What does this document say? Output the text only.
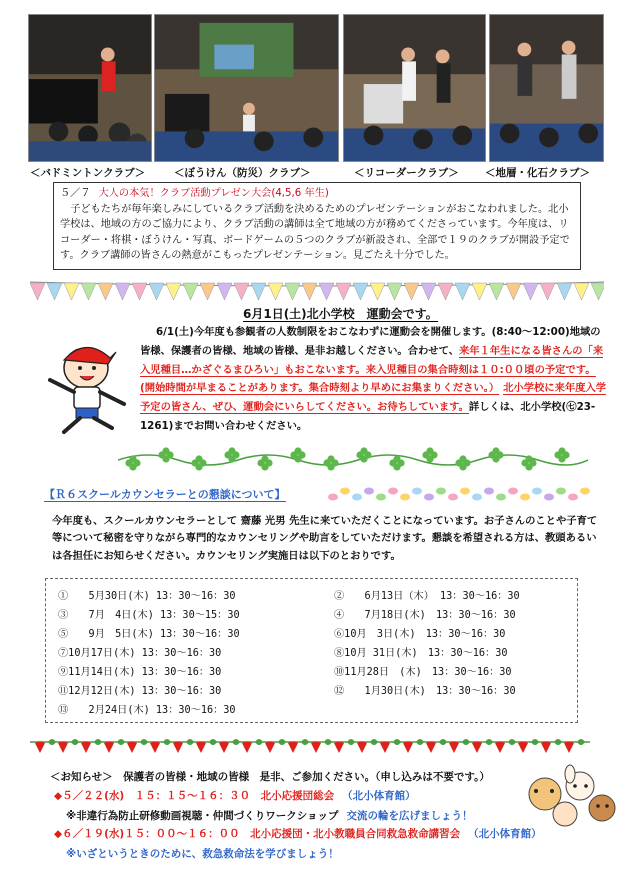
＜バドミントンクラブ＞	＜ぼうけん（防災）クラブ＞	＜リコーダークラブ＞ ＜地層・化石クラブ＞
５／７ 大人の本気！クラブ活動プレゼン大会(4,5,6 年生)
子どもたちが毎年楽しみにしているクラブ活動を決めるためのプレゼンテーションがおこなわれました。北小学校は、地域の方のご協力により、クラブ活動の講師は全て地域の方が務めてくださっています。今年度は、リコーダー・将棋・ぼうけん・写真、ボードゲームの５つのクラブが新設され、全部で１９のクラブが開設予定です。クラブ講師の皆さんの熱意がこもったプレゼンテーション。見ごたえ十分でした。
6月1日(土)北小学校　運動会です。
6/1(土)今年度も参観者の人数制限をおこなわずに運動会を開催します。(8:40～12:00)地域の皆様、保護者の皆様、地域の皆様、是非お越しください。合わせて、来年１年生になる皆さんの「来入児種目…かざぐるまひろい」もおこないます。来入児種目の集合時刻は１０:００頃の予定です。(開始時間が早まることがあります。集合時刻より早めにお集まりください。） 北小学校に来年度入学予定の皆さん、ぜひ、運動会にいらしてください。お待ちしています。詳しくは、北小学校(㊆23-1261)までお問い合わせください。
【Ｒ６スクールカウンセラーとの懇談について】
今年度も、スクールカウンセラーとして 齋藤 光男 先生に来ていただくことになっています。お子さんのことや子育て等について秘密を守りながら専門的なカウンセリングや助言をしていただけます。懇談を希望される方は、教頭あるいは各担任にお知らせください。カウンセリング実施日は以下のとおりです。
①　　5月30日(木) 13：30～16：30	②　　6月13日（木） 13：30～16：30
③　　7月　4日(木) 13：30～15：30	④　　7月18日(木)　13：30～16：30
⑤　　9月　5日(木) 13：30～16：30	⑥10月　3日(木)　13：30～16：30
⑦10月17日(木) 13：30～16：30	⑧10月 31日(木)　13：30～16：30
⑨11月14日(木) 13：30～16：30	⑩11月28日　(木)　13：30～16：30
⑪12月12日(木) 13：30～16：30	⑫　　1月30日(木)　13：30～16：30
⑬　　2月24日(木) 13：30～16：30
＜お知らせ＞　保護者の皆様・地域の皆様　是非、ご参加ください。（申し込みは不要です。）
◆５／２２(水)　１５：１５～１６：３０　北小応援団総会 （北小体育館）
※非違行為防止研修動画視聴・仲間づくりワークショップ 交流の輪を広げましょう！
◆６／１９(水)１５：００～１６：００　北小応援団・北小教職員合同救急救命講習会 （北小体育館）
※いざというときのために、救急救命法を学びましょう！
